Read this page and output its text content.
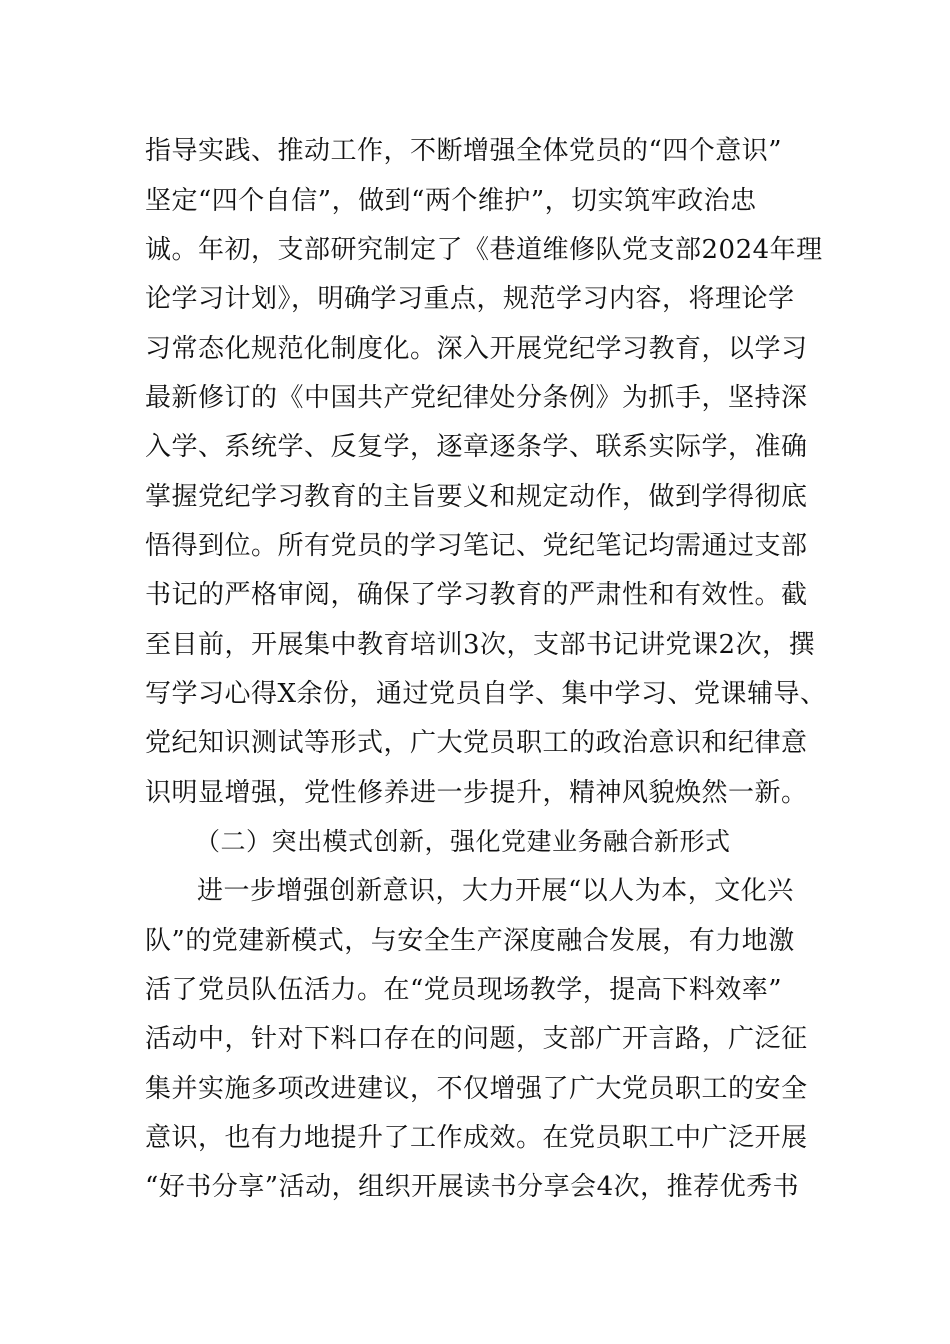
指导实践、推动工作，不断增强全体党员的“四个意识”
坚定“四个自信”，做到“两个维护”，切实筑牢政治忠
诚。年初，支部研究制定了《巷道维修队党支部2024年理
论学习计划》，明确学习重点，规范学习内容，将理论学
习常态化规范化制度化。深入开展党纪学习教育，以学习
最新修订的《中国共产党纪律处分条例》为抓手，坚持深
入学、系统学、反复学，逐章逐条学、联系实际学，准确
掌握党纪学习教育的主旨要义和规定动作，做到学得彻底
悟得到位。所有党员的学习笔记、党纪笔记均需通过支部
书记的严格审阅，确保了学习教育的严肃性和有效性。截
至目前，开展集中教育培训3次，支部书记讲党课2次，撰
写学习心得X余份，通过党员自学、集中学习、党课辅导、
党纪知识测试等形式，广大党员职工的政治意识和纪律意
识明显增强，党性修养进一步提升，精神风貌焕然一新。
（二）突出模式创新，强化党建业务融合新形式
进一步增强创新意识，大力开展“以人为本，文化兴
队”的党建新模式，与安全生产深度融合发展，有力地激
活了党员队伍活力。在“党员现场教学，提高下料效率”
活动中，针对下料口存在的问题，支部广开言路，广泛征
集并实施多项改进建议，不仅增强了广大党员职工的安全
意识，也有力地提升了工作成效。在党员职工中广泛开展
“好书分享”活动，组织开展读书分享会4次，推荐优秀书
